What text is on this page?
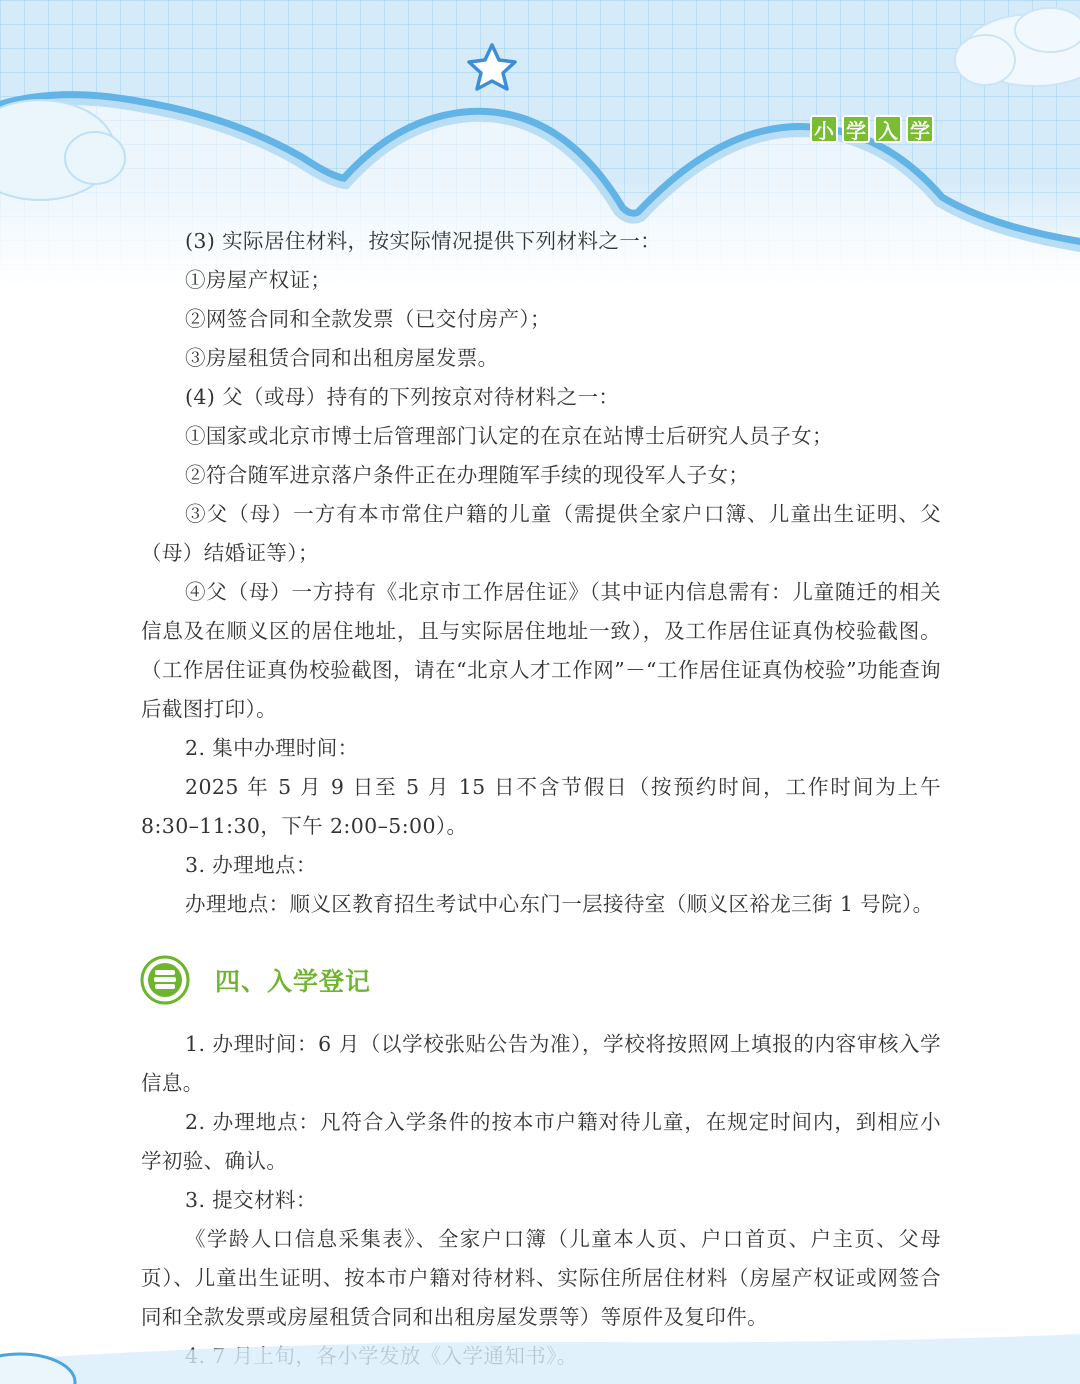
小 学 入 学

(3) 实际居住材料，按实际情况提供下列材料之一：

①房屋产权证；

②网签合同和全款发票（已交付房产）；

③房屋租赁合同和出租房屋发票。

(4) 父（或母）持有的下列按京对待材料之一：

①国家或北京市博士后管理部门认定的在京在站博士后研究人员子女；

②符合随军进京落户条件正在办理随军手续的现役军人子女；

③父（母）一方有本市常住户籍的儿童（需提供全家户口簿、儿童出生证明、父（母）结婚证等）；

④父（母）一方持有《北京市工作居住证》（其中证内信息需有：儿童随迁的相关信息及在顺义区的居住地址，且与实际居住地址一致），及工作居住证真伪校验截图。（工作居住证真伪校验截图，请在“北京人才工作网”－“工作居住证真伪校验”功能查询后截图打印）。

2. 集中办理时间：

2025 年 5 月 9 日至 5 月 15 日不含节假日（按预约时间，工作时间为上午 8:30–11:30，下午 2:00–5:00）。

3. 办理地点：

办理地点：顺义区教育招生考试中心东门一层接待室（顺义区裕龙三街 1 号院）。

四、入学登记

1. 办理时间：6 月（以学校张贴公告为准），学校将按照网上填报的内容审核入学信息。

2. 办理地点：凡符合入学条件的按本市户籍对待儿童，在规定时间内，到相应小学初验、确认。

3. 提交材料：

《学龄人口信息采集表》、全家户口簿（儿童本人页、户口首页、户主页、父母页）、儿童出生证明、按本市户籍对待材料、实际住所居住材料（房屋产权证或网签合同和全款发票或房屋租赁合同和出租房屋发票等）等原件及复印件。
